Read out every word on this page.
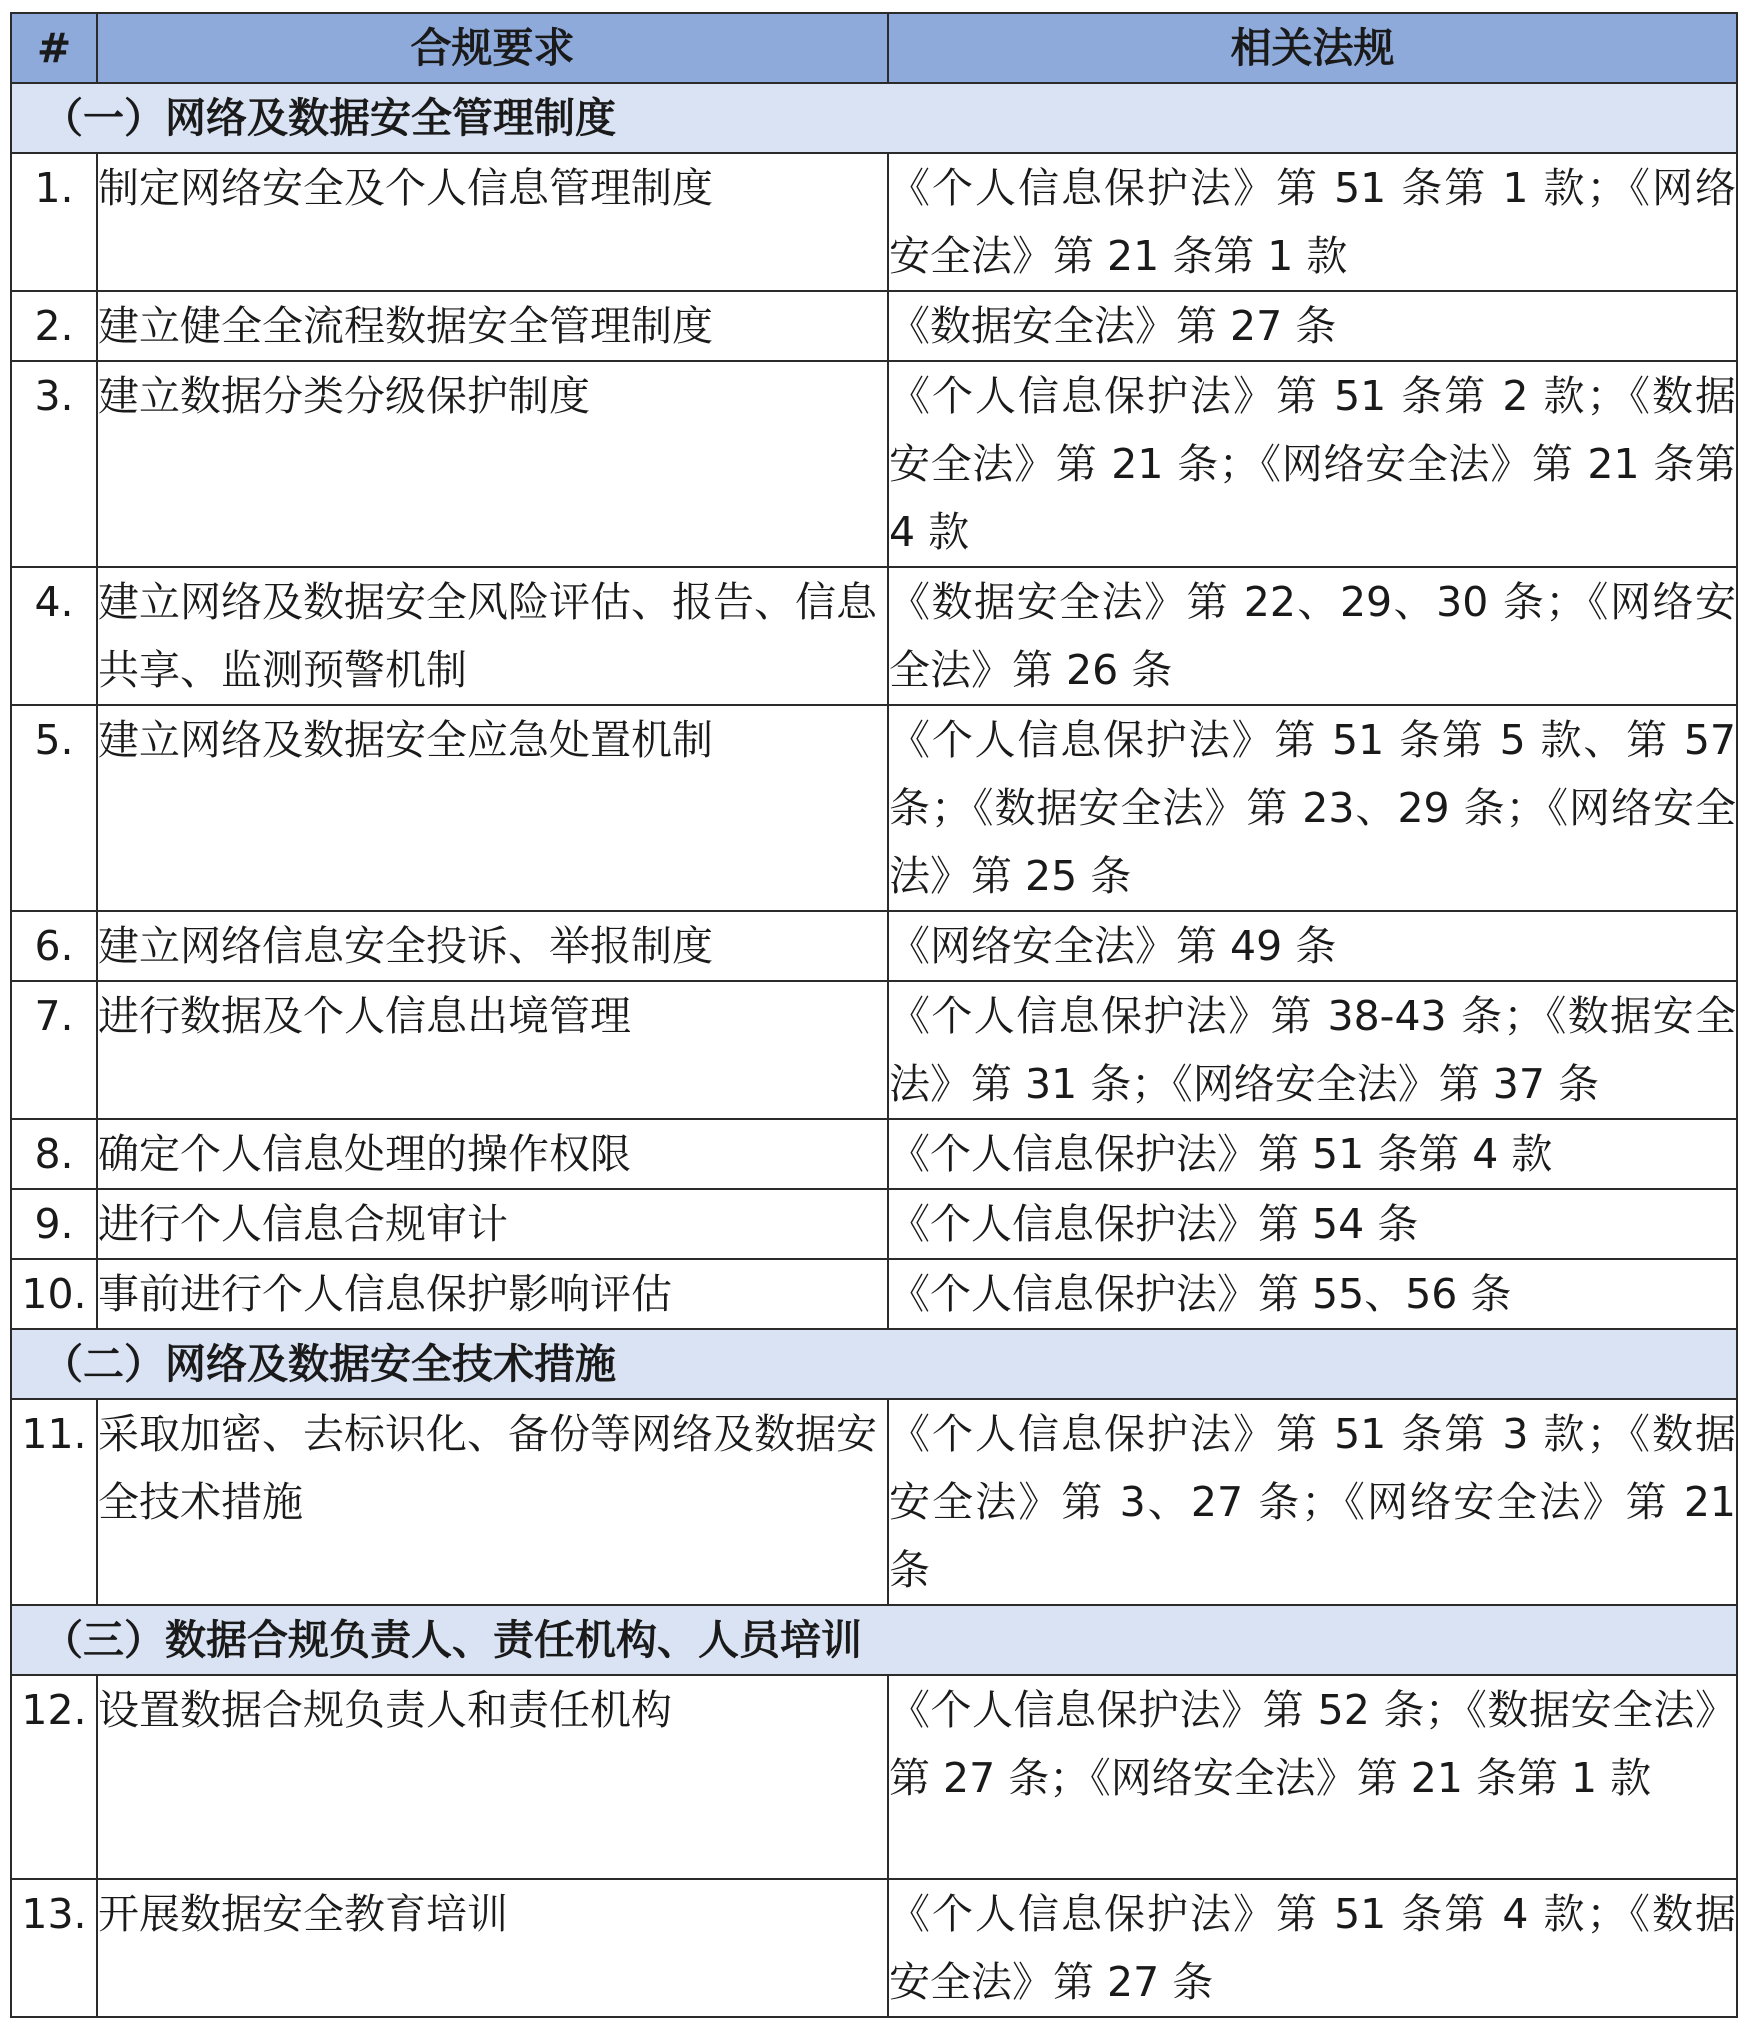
#	合规要求	相关法规
（一）网络及数据安全管理制度		
1.	制定网络安全及个人信息管理制度	《个人信息保护法》第 51 条第 1 款；《网络安全法》第 21 条第 1 款
2.	建立健全全流程数据安全管理制度	《数据安全法》第 27 条
3.	建立数据分类分级保护制度	《个人信息保护法》第 51 条第 2 款；《数据安全法》第 21 条；《网络安全法》第 21 条第 4 款
4.	建立网络及数据安全风险评估、报告、信息共享、监测预警机制	《数据安全法》第 22、29、30 条；《网络安全法》第 26 条
5.	建立网络及数据安全应急处置机制	《个人信息保护法》第 51 条第 5 款、第 57 条；《数据安全法》第 23、29 条；《网络安全法》第 25 条
6.	建立网络信息安全投诉、举报制度	《网络安全法》第 49 条
7.	进行数据及个人信息出境管理	《个人信息保护法》第 38-43 条；《数据安全法》第 31 条；《网络安全法》第 37 条
8.	确定个人信息处理的操作权限	《个人信息保护法》第 51 条第 4 款
9.	进行个人信息合规审计	《个人信息保护法》第 54 条
10.	事前进行个人信息保护影响评估	《个人信息保护法》第 55、56 条
（二）网络及数据安全技术措施		
11.	采取加密、去标识化、备份等网络及数据安全技术措施	《个人信息保护法》第 51 条第 3 款；《数据安全法》第 3、27 条；《网络安全法》第 21 条
（三）数据合规负责人、责任机构、人员培训		
12.	设置数据合规负责人和责任机构	《个人信息保护法》第 52 条；《数据安全法》第 27 条；《网络安全法》第 21 条第 1 款
13.	开展数据安全教育培训	《个人信息保护法》第 51 条第 4 款；《数据安全法》第 27 条
